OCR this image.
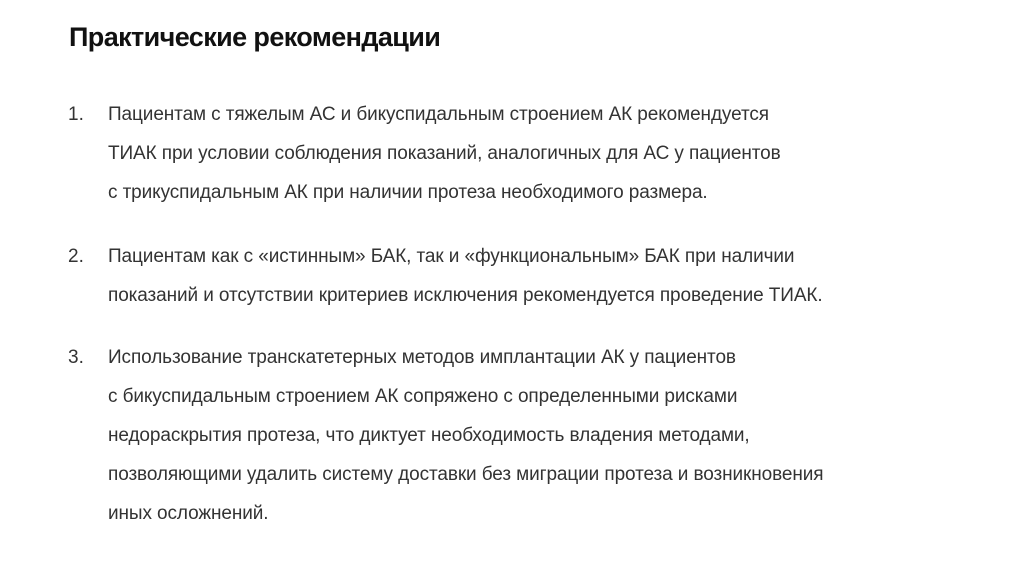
Практические рекомендации
1. Пациентам с тяжелым АС и бикуспидальным строением АК рекомендуется
ТИАК при условии соблюдения показаний, аналогичных для АС у пациентов
с трикуспидальным АК при наличии протеза необходимого размера.
2. Пациентам как с «истинным» БАК, так и «функциональным» БАК при наличии
показаний и отсутствии критериев исключения рекомендуется проведение ТИАК.
3. Использование транскатетерных методов имплантации АК у пациентов
с бикуспидальным строением АК сопряжено с определенными рисками
недораскрытия протеза, что диктует необходимость владения методами,
позволяющими удалить систему доставки без миграции протеза и возникновения
иных осложнений.
